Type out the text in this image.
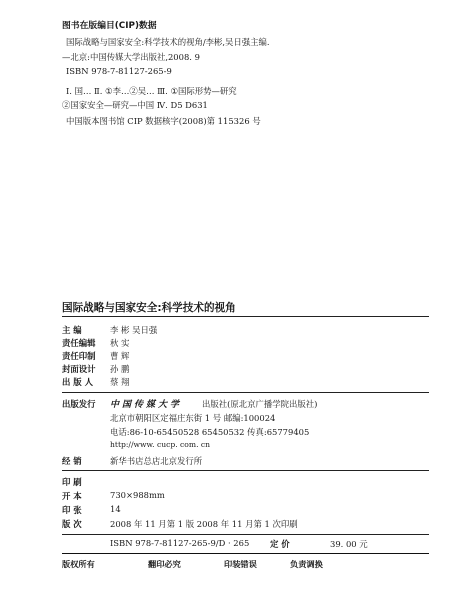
图书在版编目(CIP)数据
国际战略与国家安全:科学技术的视角/李彬,吴日强主编.
—北京:中国传媒大学出版社,2008. 9
ISBN 978-7-81127-265-9
Ⅰ. 国… Ⅱ. ①李…②吴… Ⅲ. ①国际形势—研究
②国家安全—研究—中国 Ⅳ. D5 D631
中国版本图书馆 CIP 数据核字(2008)第 115326 号
国际战略与国家安全:科学技术的视角
主 编	李 彬 吴日强
责任编辑 秋 实
责任印制 曹 辉
封面设计 孙 鹏
出 版 人 蔡 翔
出版发行 中国传媒大学 出版社(原北京广播学院出版社)
北京市朝阳区定福庄东街 1 号 邮编:100024
电话:86-10-65450528 65450532 传真:65779405
http://www. cucp. com. cn
经 销	新华书店总店北京发行所
印 刷
开 本	730×988mm
印 张	14
版 次	2008 年 11 月第 1 版 2008 年 11 月第 1 次印刷
ISBN 978-7-81127-265-9/D · 265 定 价	39. 00 元
版权所有	翻印必究	印装错误	负责调换
